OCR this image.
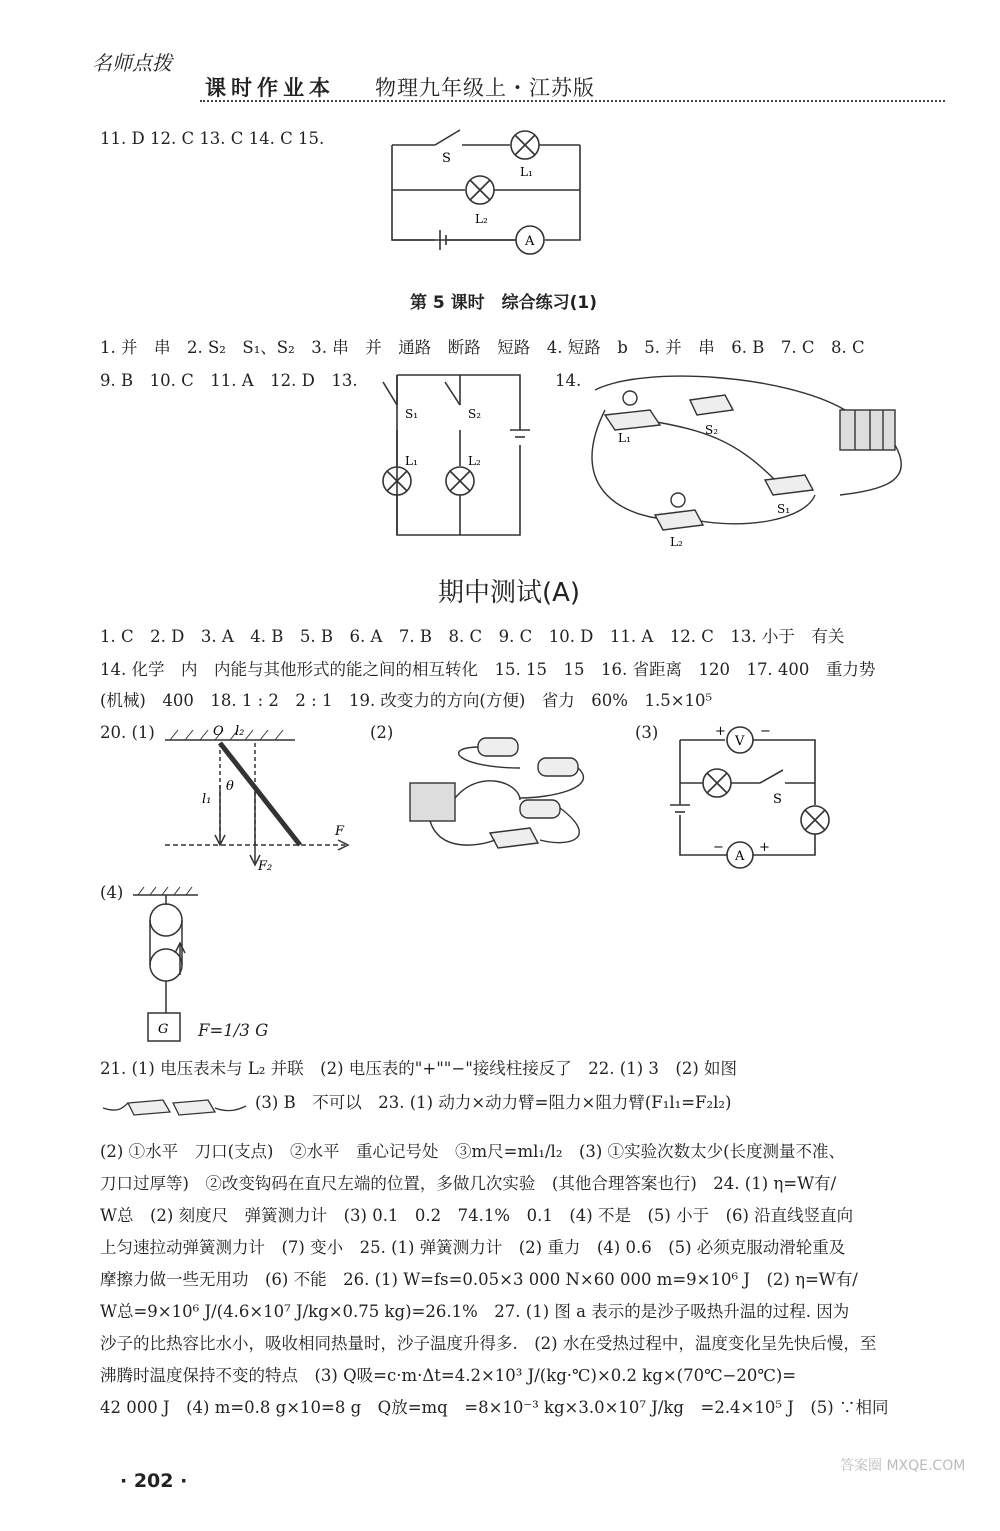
名师点拨
课时作业本 物理九年级上・江苏版
11. D 12. C 13. C 14. C 15.
S
L₁
L₂
A
第 5 课时　综合练习(1)
1. 并　串　2. S₂　S₁、S₂　3. 串　并　通路　断路　短路　4. 短路　b　5. 并　串　6. B　7. C　8. C
9. B　10. C　11. A　12. D　13.	14.
S₁	S₂
L₁	L₂
L₁
S₂
S₁
L₂
期中测试(A)
1. C　2. D　3. A　4. B　5. B　6. A　7. B　8. C　9. C　10. D　11. A　12. C　13. 小于　有关
14. 化学　内　内能与其他形式的能之间的相互转化　15. 15　15　16. 省距离　120　17. 400　重力势
(机械)　400　18. 1 : 2　2 : 1　19. 改变力的方向(方便)　省力　60%　1.5×10⁵
20. (1)	(2)	(3)
O l₂
l₁
θ
F
F₂
V
+	−
A
−	+
S
(4)
G F=1/3 G
21. (1) 电压表未与 L₂ 并联　(2) 电压表的"+""−"接线柱接反了　22. (1) 3　(2) 如图
(3) B　不可以　23. (1) 动力×动力臂=阻力×阻力臂(F₁l₁=F₂l₂)
(2) ①水平　刀口(支点)　②水平　重心记号处　③m尺=ml₁/l₂　(3) ①实验次数太少(长度测量不准、
刀口过厚等)　②改变钩码在直尺左端的位置，多做几次实验　(其他合理答案也行)　24. (1) η=W有/
W总　(2) 刻度尺　弹簧测力计　(3) 0.1　0.2　74.1%　0.1　(4) 不是　(5) 小于　(6) 沿直线竖直向
上匀速拉动弹簧测力计　(7) 变小　25. (1) 弹簧测力计　(2) 重力　(4) 0.6　(5) 必须克服动滑轮重及
摩擦力做一些无用功　(6) 不能　26. (1) W=fs=0.05×3 000 N×60 000 m=9×10⁶ J　(2) η=W有/
W总=9×10⁶ J/(4.6×10⁷ J/kg×0.75 kg)=26.1%　27. (1) 图 a 表示的是沙子吸热升温的过程. 因为
沙子的比热容比水小，吸收相同热量时，沙子温度升得多.　(2) 水在受热过程中，温度变化呈先快后慢，至
沸腾时温度保持不变的特点　(3) Q吸=c·m·Δt=4.2×10³ J/(kg·℃)×0.2 kg×(70℃−20℃)=
42 000 J　(4) m=0.8 g×10=8 g　Q放=mq　=8×10⁻³ kg×3.0×10⁷ J/kg　=2.4×10⁵ J　(5) ∵相同
· 202 ·
答案圈 MXQE.COM
